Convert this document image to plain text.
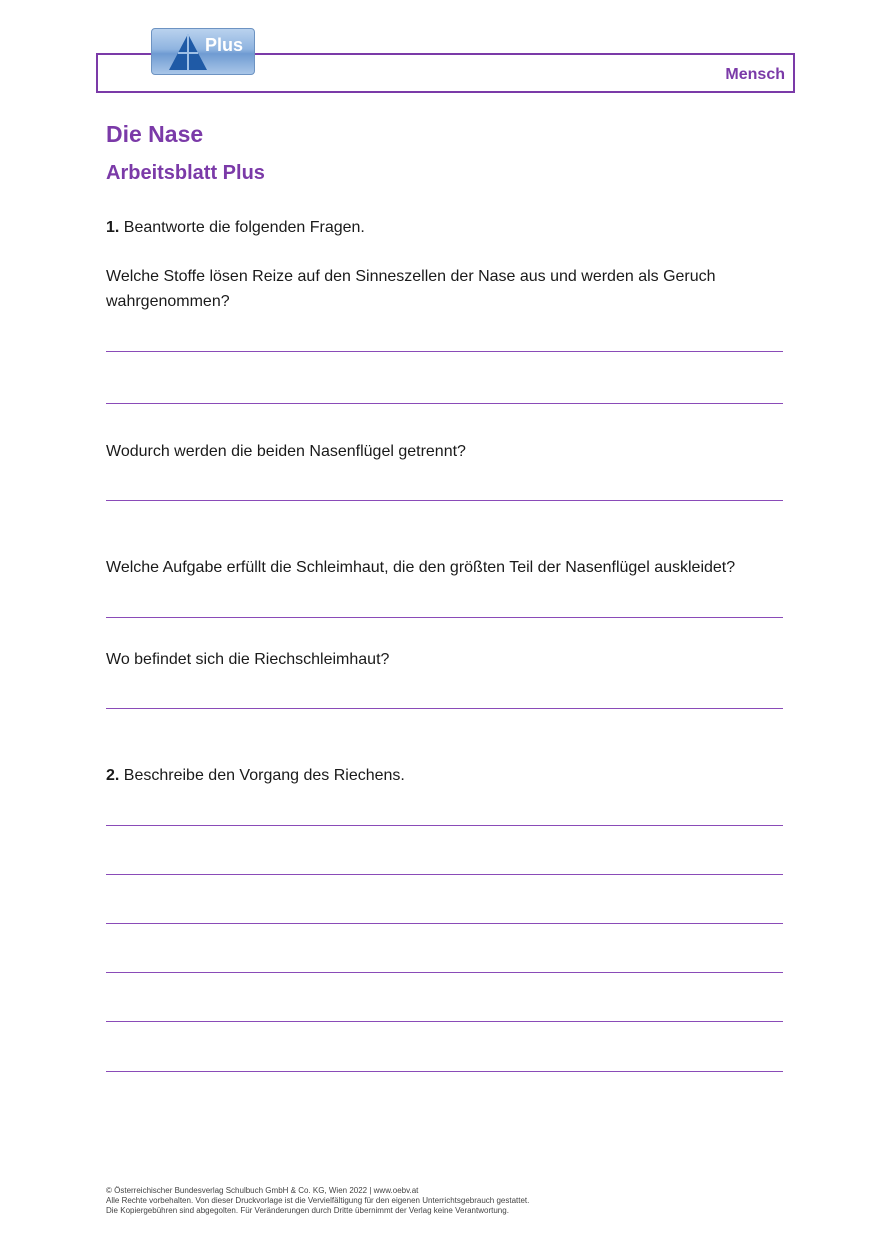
Mensch
Plus
Die Nase
Arbeitsblatt Plus
1. Beantworte die folgenden Fragen.
Welche Stoffe lösen Reize auf den Sinneszellen der Nase aus und werden als Geruch wahrgenommen?
Wodurch werden die beiden Nasenflügel getrennt?
Welche Aufgabe erfüllt die Schleimhaut, die den größten Teil der Nasenflügel auskleidet?
Wo befindet sich die Riechschleimhaut?
2. Beschreibe den Vorgang des Riechens.
© Österreichischer Bundesverlag Schulbuch GmbH & Co. KG, Wien 2022 | www.oebv.at
Alle Rechte vorbehalten. Von dieser Druckvorlage ist die Vervielfältigung für den eigenen Unterrichtsgebrauch gestattet.
Die Kopiergebühren sind abgegolten. Für Veränderungen durch Dritte übernimmt der Verlag keine Verantwortung.
